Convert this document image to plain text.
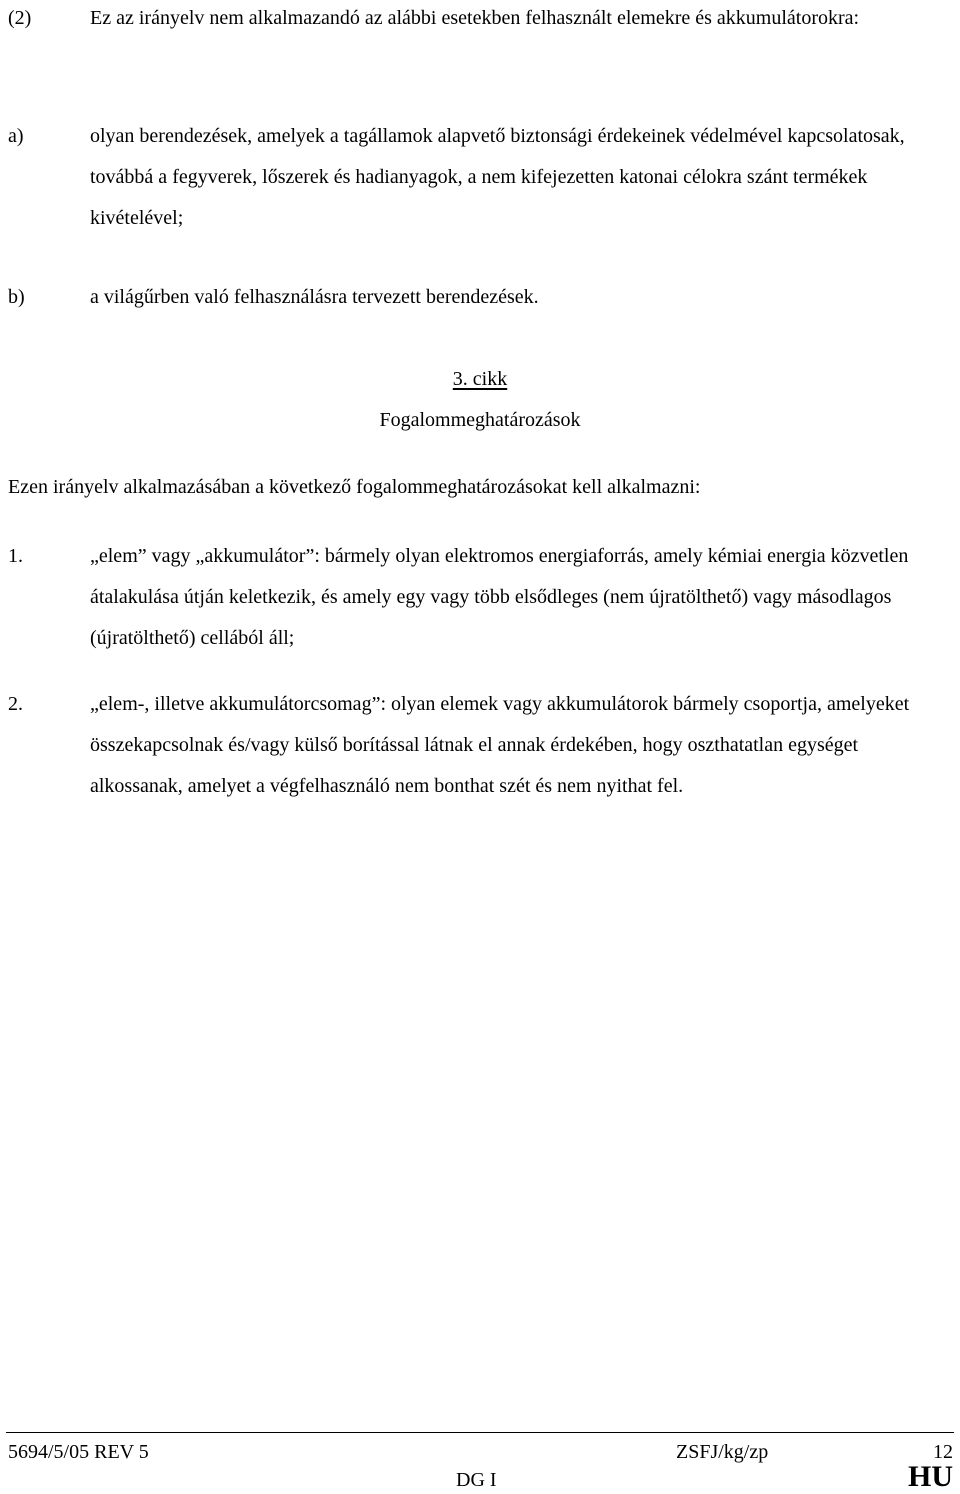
(2)	Ez az irányelv nem alkalmazandó az alábbi esetekben felhasznált elemekre és akkumulátorokra:
a)	olyan berendezések, amelyek a tagállamok alapvető biztonsági érdekeinek védelmével kapcsolatosak, továbbá a fegyverek, lőszerek és hadianyagok, a nem kifejezetten katonai célokra szánt termékek kivételével;
b)	a világűrben való felhasználásra tervezett berendezések.
3. cikk
Fogalommeghatározások
Ezen irányelv alkalmazásában a következő fogalommeghatározásokat kell alkalmazni:
1.	„elem” vagy „akkumulátor”: bármely olyan elektromos energiaforrás, amely kémiai energia közvetlen átalakulása útján keletkezik, és amely egy vagy több elsődleges (nem újratölthető) vagy másodlagos (újratölthető) cellából áll;
2.	„elem-, illetve akkumulátorcsomag”: olyan elemek vagy akkumulátorok bármely csoportja, amelyeket összekapcsolnak és/vagy külső borítással látnak el annak érdekében, hogy oszthatatlan egységet alkossanak, amelyet a végfelhasználó nem bonthat szét és nem nyithat fel.
5694/5/05 REV 5	ZSFJ/kg/zp	12
DG I	HU
